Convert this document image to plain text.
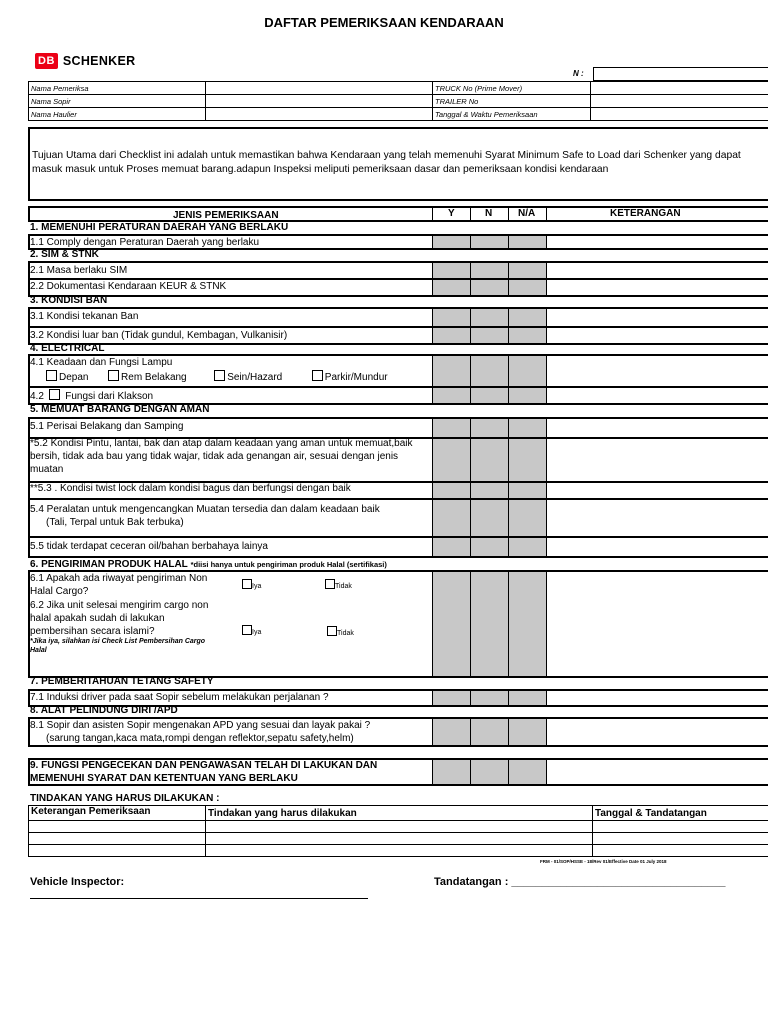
DAFTAR PEMERIKSAAN KENDARAAN
DB SCHENKER
N :
Nama Pemeriksa		TRUCK No (Prime Mover)	
Nama Sopir		TRAILER No	
Nama Haulier		Tanggal & Waktu Pemeriksaan	
Tujuan Utama dari Checklist ini adalah untuk memastikan bahwa Kendaraan yang telah memenuhi Syarat Minimum Safe to Load dari Schenker yang dapat masuk masuk untuk Proses memuat barang.adapun Inspeksi meliputi pemeriksaan dasar dan pemeriksaan kondisi kendaraan
JENIS PEMERIKSAAN	Y	N	N/A	KETERANGAN
1. MEMENUHI PERATURAN DAERAH YANG BERLAKU
1.1 Comply dengan Peraturan Daerah yang berlaku
2. SIM & STNK
2.1 Masa berlaku SIM
2.2 Dokumentasi Kendaraan KEUR & STNK
3. KONDISI BAN
3.1 Kondisi tekanan Ban
3.2 Kondisi luar ban (Tidak gundul, Kembagan, Vulkanisir)
4. ELECTRICAL
4.1 Keadaan dan Fungsi Lampu
Depan	Rem Belakang	Sein/Hazard	Parkir/Mundur
4.2 Fungsi dari Klakson
5. MEMUAT BARANG DENGAN AMAN
5.1 Perisai Belakang dan Samping
*5.2 Kondisi Pintu, lantai, bak dan atap dalam keadaan yang aman untuk memuat,baik bersih, tidak ada bau yang tidak wajar, tidak ada genangan air, sesuai dengan jenis muatan
**5.3 . Kondisi twist lock dalam kondisi bagus dan berfungsi dengan baik
5.4 Peralatan untuk mengencangkan Muatan tersedia dan dalam keadaan baik
(Tali, Terpal untuk Bak terbuka)
5.5 tidak terdapat ceceran oil/bahan berbahaya lainya
6. PENGIRIMAN PRODUK HALAL *diisi hanya untuk pengiriman produk Halal (sertifikasi)
6.1 Apakah ada riwayat pengiriman Non Halal Cargo?	Iya	Tidak
6.2 Jika unit selesai mengirim cargo non halal apakah sudah di lakukan pembersihan secara islami?
*Jika iya, silahkan isi Check List Pembersihan Cargo Halal
Iya	Tidak
7. PEMBERITAHUAN TETANG SAFETY
7.1 Induksi driver pada saat Sopir sebelum melakukan perjalanan ?
8. ALAT PELINDUNG DIRI /APD
8.1 Sopir dan asisten Sopir mengenakan APD yang sesuai dan layak pakai ?
(sarung tangan,kaca mata,rompi dengan reflektor,sepatu safety,helm)
9. FUNGSI PENGECEKAN DAN PENGAWASAN TELAH DI LAKUKAN DAN MEMENUHI SYARAT DAN KETENTUAN YANG BERLAKU
TINDAKAN YANG HARUS DILAKUKAN :
Keterangan Pemeriksaan	Tindakan yang harus dilakukan	Tanggal & Tandatangan

FRM - 01/SOP/HSSE - 18/Rev 01/Effective Date 01 July 2018
Vehicle Inspector:	Tandatangan : ___________________________________
